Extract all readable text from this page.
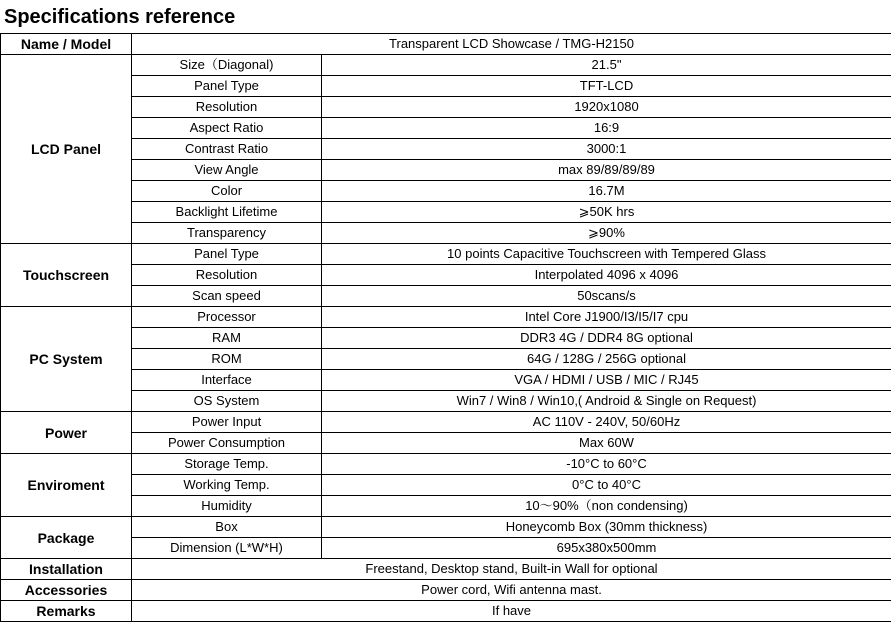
Specifications reference
Name / Model	Transparent LCD Showcase / TMG-H2150	
LCD Panel	Size（Diagonal)	21.5"
	Panel Type	TFT-LCD
	Resolution	1920x1080
	Aspect Ratio	16:9
	Contrast Ratio	3000:1
	View Angle	max 89/89/89/89
	Color	16.7M
	Backlight Lifetime	⩾50K hrs
	Transparency	⩾90%
Touchscreen	Panel Type	10 points Capacitive Touchscreen with Tempered Glass
	Resolution	Interpolated 4096 x 4096
	Scan speed	50scans/s
PC System	Processor	Intel Core J1900/I3/I5/I7 cpu
	RAM	DDR3 4G / DDR4 8G optional
	ROM	64G / 128G / 256G optional
	Interface	VGA / HDMI / USB / MIC / RJ45
	OS System	Win7 / Win8 / Win10,( Android & Single on Request)
Power	Power Input	AC 110V - 240V, 50/60Hz
	Power Consumption	Max 60W
Enviroment	Storage Temp.	-10°C to 60°C
	Working Temp.	0°C to 40°C
	Humidity	10～90%（non condensing)
Package	Box	Honeycomb Box (30mm thickness)
	Dimension (L*W*H)	695x380x500mm
Installation	Freestand, Desktop stand, Built-in Wall for optional	
Accessories	Power cord, Wifi antenna mast.	
Remarks	If have	
